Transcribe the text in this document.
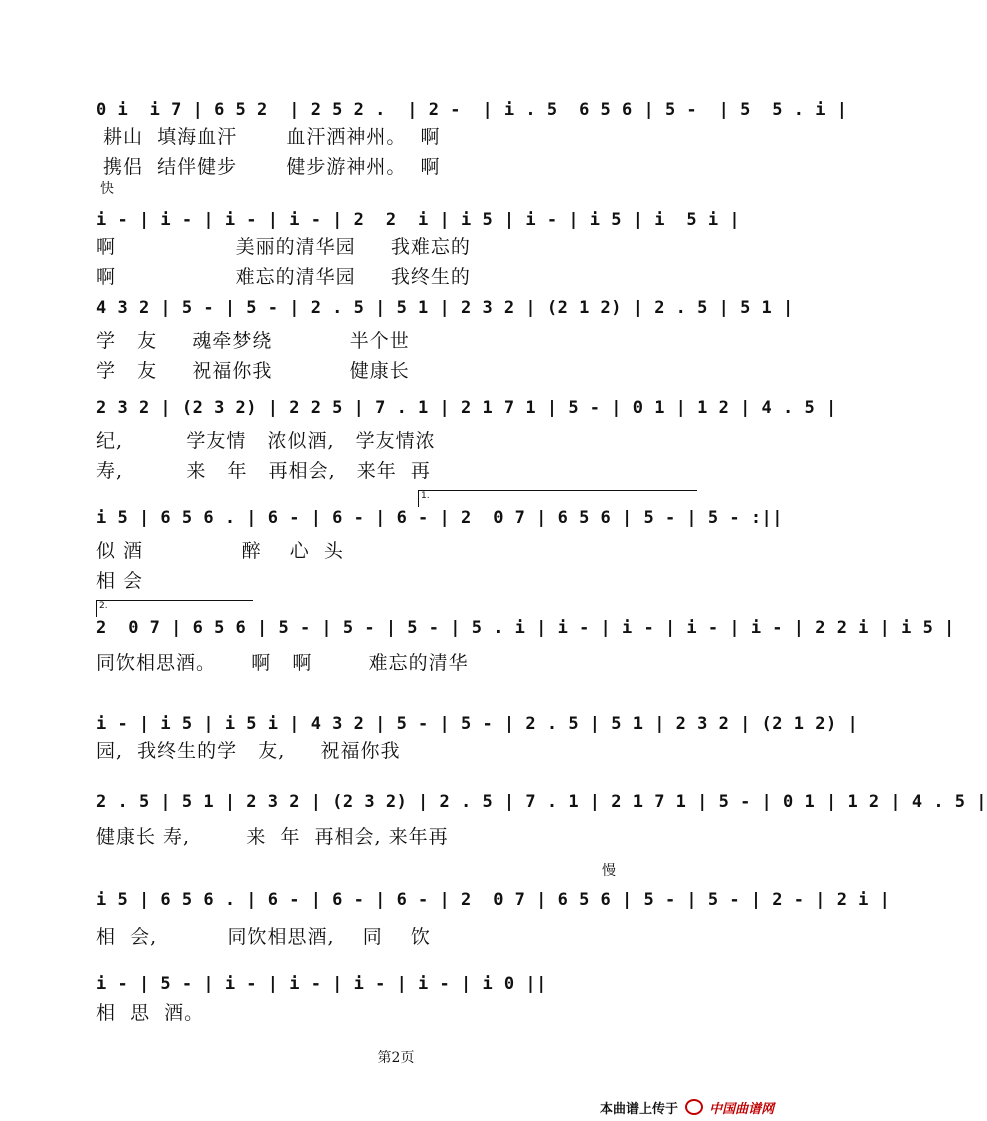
0 i  i 7 | 6 5 2  | 2 5 2 .  | 2 -  | i . 5  6 5 6 | 5 -  | 5  5 . i |
耕山  填海血汗       血汗洒神州。  啊
携侣  结伴健步       健步游神州。  啊
快
i - | i - | i - | i - | 2  2  i | i 5 | i - | i 5 | i  5 i |
啊                 美丽的清华园     我难忘的
啊                 难忘的清华园     我终生的
4 3 2 | 5 - | 5 - | 2 . 5 | 5 1 | 2 3 2 | (2 1 2) | 2 . 5 | 5 1 |
学   友     魂牵梦绕           半个世
学   友     祝福你我           健康长
2 3 2 | (2 3 2) | 2 2 5 | 7 . 1 | 2 1 7 1 | 5 - | 0 1 | 1 2 | 4 . 5 |
纪,         学友情   浓似酒,   学友情浓
寿,         来   年   再相会,   来年  再
1.
i 5 | 6 5 6 . | 6 - | 6 - | 6 - | 2  0 7 | 6 5 6 | 5 - | 5 - :||
似 酒              醉    心  头
相 会
2.
2  0 7 | 6 5 6 | 5 - | 5 - | 5 - | 5 . i | i - | i - | i - | i - | 2 2 i | i 5 |
同饮相思酒。     啊   啊        难忘的清华
i - | i 5 | i 5 i | 4 3 2 | 5 - | 5 - | 2 . 5 | 5 1 | 2 3 2 | (2 1 2) |
园,  我终生的学   友,     祝福你我
2 . 5 | 5 1 | 2 3 2 | (2 3 2) | 2 . 5 | 7 . 1 | 2 1 7 1 | 5 - | 0 1 | 1 2 | 4 . 5 |
健康长 寿,        来  年  再相会, 来年再
慢
i 5 | 6 5 6 . | 6 - | 6 - | 6 - | 2  0 7 | 6 5 6 | 5 - | 5 - | 2 - | 2 i |
相  会,          同饮相思酒,    同    饮
i - | 5 - | i - | i - | i - | i - | i 0 ||
相  思  酒。
第2页
本曲谱上传于 中国曲谱网
